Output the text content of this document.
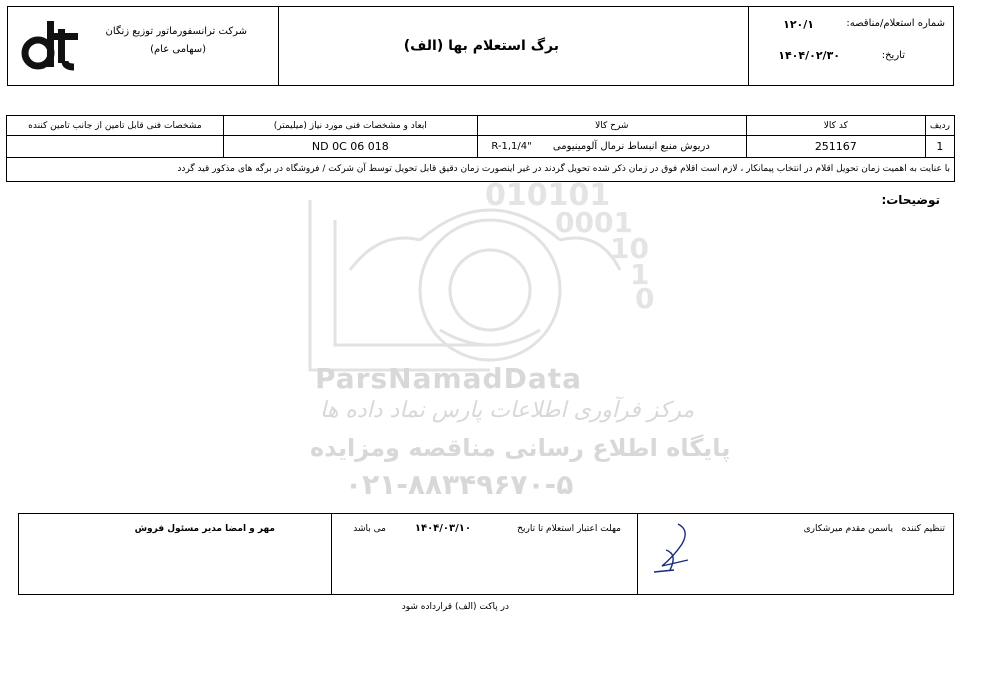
شرکت ترانسفورماتور توزیع زنگان
(سهامی عام)	برگ استعلام بها (الف)
شماره استعلام/مناقصه:
۱۲۰/۱
تاریخ:
۱۴۰۴/۰۲/۳۰
010101
0001
10
1
0
ParsNamadData
مرکز فرآوری اطلاعات پارس نماد داده ها
پایگاه اطلاع رسانی مناقصه ومزایده
۰۲۱-۸۸۳۴۹۶۷۰-۵
ردیف	کد کالا	شرح کالا	ابعاد و مشخصات فنی مورد نیاز (میلیمتر)	مشخصات فنی قابل تامین از جانب تامین کننده
1	251167	دریوش منبع انبساط نرمال آلومینیومی R-1,1/4"	ND 0C 06 018	
با عنایت به اهمیت زمان تحویل اقلام در انتخاب پیمانکار ، لازم است اقلام فوق در زمان ذکر شده تحویل گردند در غیر اینصورت زمان دقیق قابل تحویل توسط آن شرکت / فروشگاه در برگه های مذکور قید گردد				
توضیحات:
تنظیم کننده
یاسمن مقدم میرشکاری
مهلت اعتبار استعلام تا تاریخ
۱۴۰۴/۰۳/۱۰
می باشد
مهر و امضا مدیر مسئول فروش
در پاکت (الف) قرارداده شود
